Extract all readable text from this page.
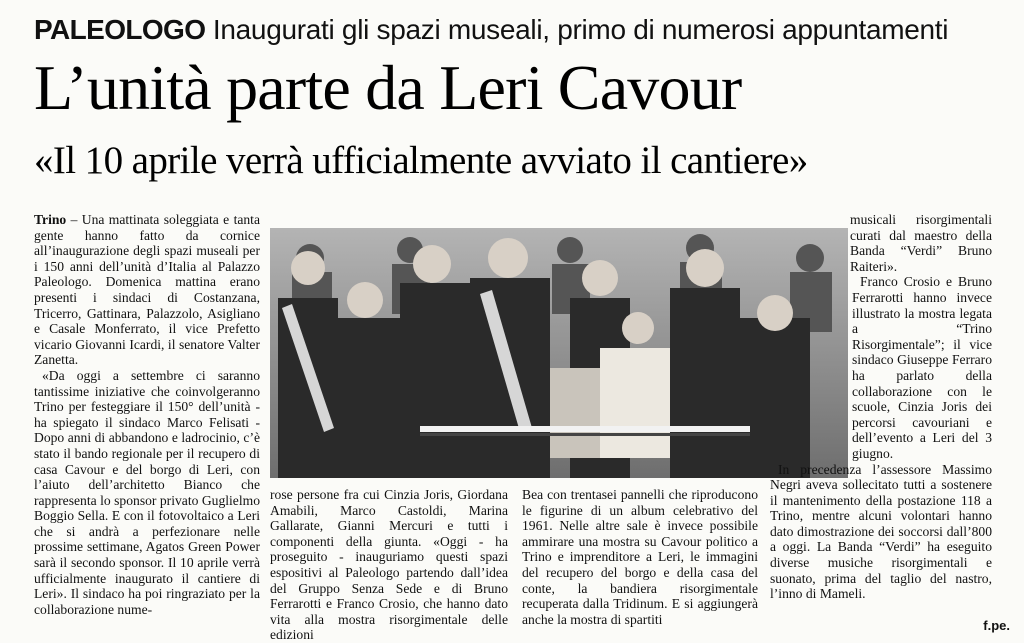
PALEOLOGO Inaugurati gli spazi museali, primo di numerosi appuntamenti
L’unità parte da Leri Cavour
«Il 10 aprile verrà ufficialmente avviato il cantiere»

Trino – Una mattinata soleggiata e tanta gente hanno fatto da cornice all’inaugurazione degli spazi museali per i 150 anni dell’unità d’Italia al Palazzo Paleologo. Domenica mattina erano presenti i sindaci di Costanzana, Tricerro, Gattinara, Palazzolo, Asigliano e Casale Monferrato, il vice Prefetto vicario Giovanni Icardi, il senatore Valter Zanetta.

«Da oggi a settembre ci saranno tantissime iniziative che coinvolgeranno Trino per festeggiare il 150° dell’unità - ha spiegato il sindaco Marco Felisati - Dopo anni di abbandono e ladrocinio, c’è stato il bando regionale per il recupero di casa Cavour e del borgo di Leri, con l’aiuto dell’architetto Bianco che rappresenta lo sponsor privato Guglielmo Boggio Sella. E con il fotovoltaico a Leri che si andrà a perfezionare nelle prossime settimane, Agatos Green Power sarà il secondo sponsor. Il 10 aprile verrà ufficialmente inaugurato il cantiere di Leri». Il sindaco ha poi ringraziato per la collaborazione nume-

rose persone fra cui Cinzia Joris, Giordana Amabili, Marco Castoldi, Marina Gallarate, Gianni Mercuri e tutti i componenti della giunta. «Oggi - ha proseguito - inauguriamo questi spazi espositivi al Paleologo partendo dall’idea del Gruppo Senza Sede e di Bruno Ferrarotti e Franco Crosio, che hanno dato vita alla mostra risorgimentale delle edizioni

Bea con trentasei pannelli che riproducono le figurine di un album celebrativo del 1961. Nelle altre sale è invece possibile ammirare una mostra su Cavour politico a Trino e imprenditore a Leri, le immagini del recupero del borgo e della casa del conte, la bandiera risorgimentale recuperata dalla Tridinum. E si aggiungerà anche la mostra di spartiti

musicali risorgimentali curati dal maestro della Banda “Verdi” Bruno Raiteri».

Franco Crosio e Bruno Ferrarotti hanno invece illustrato la mostra legata a “Trino Risorgimentale”; il vice sindaco Giuseppe Ferraro ha parlato della collaborazione con le scuole, Cinzia Joris dei percorsi cavouriani e dell’evento a Leri del 3 giugno.

In precedenza l’assessore Massimo Negri aveva sollecitato tutti a sostenere il mantenimento della postazione 118 a Trino, mentre alcuni volontari hanno dato dimostrazione dei soccorsi dall’800 a oggi. La Banda “Verdi” ha eseguito diverse musiche risorgimentali e suonato, prima del taglio del nastro, l’inno di Mameli.

f.pe.
